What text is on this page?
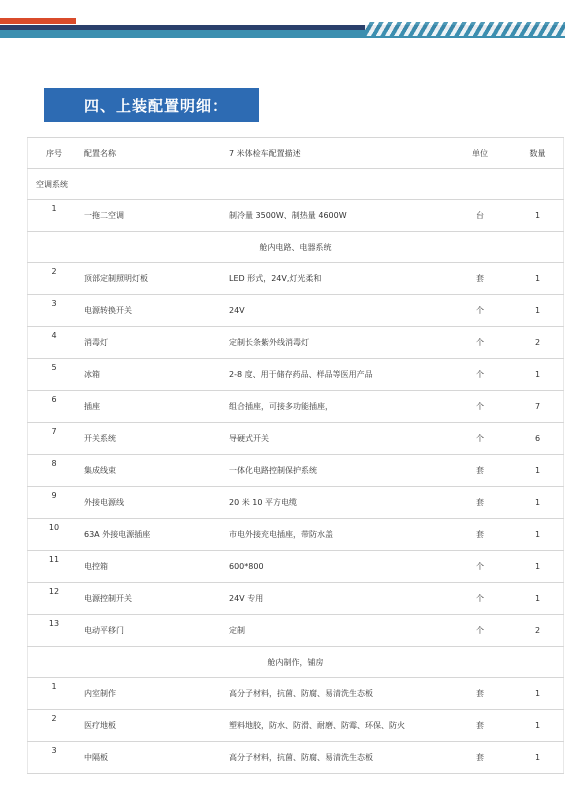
四、上装配置明细：
序号	配置名称	7 米体检车配置描述	单位	数量
空调系统				
1	一拖二空调	制冷量 3500W、制热量 4600W	台	1
舱内电路、电器系统				
2	顶部定制照明灯板	LED 形式，24V,灯光柔和	套	1
3	电源转换开关	24V	个	1
4	消毒灯	定制长条紫外线消毒灯	个	2
5	冰箱	2-8 度、用于储存药品、样品等医用产品	个	1
6	插座	组合插座，可接多功能插座，	个	7
7	开关系统	导硬式开关	个	6
8	集成线束	一体化电路控制保护系统	套	1
9	外接电源线	20 米 10 平方电缆	套	1
10	63A 外接电源插座	市电外接充电插座，带防水盖	套	1
11	电控箱	600*800	个	1
12	电源控制开关	24V 专用	个	1
13	电动平移门	定制	个	2
舱内制作，铺房				
1	内室制作	高分子材料，抗菌、防腐、易清洗生态板	套	1
2	医疗地板	塑料地胶，防水、防滑、耐磨、防霉、环保、防火	套	1
3	中隔板	高分子材料，抗菌、防腐、易清洗生态板	套	1
